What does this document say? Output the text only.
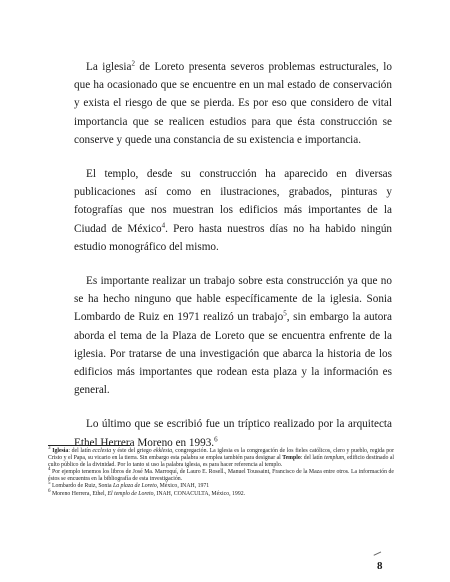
La iglesia$^2$ de Loreto presenta severos problemas estructurales, lo que ha ocasionado que se encuentre en un mal estado de conservación y exista el riesgo de que se pierda. Es por eso que considero de vital importancia que se realicen estudios para que ésta construcción se conserve y quede una constancia de su existencia e importancia.

El templo, desde su construcción ha aparecido en diversas publicaciones así como en ilustraciones, grabados, pinturas y fotografías que nos muestran los edificios más importantes de la Ciudad de México$^4$. Pero hasta nuestros días no ha habido ningún estudio monográfico del mismo.

Es importante realizar un trabajo sobre esta construcción ya que no se ha hecho ninguno que hable específicamente de la iglesia. Sonia Lombardo de Ruiz en 1971 realizó un trabajo$^5$, sin embargo la autora aborda el tema de la Plaza de Loreto que se encuentra enfrente de la iglesia. Por tratarse de una investigación que abarca la historia de los edificios más importantes que rodean esta plaza y la información es general.

Lo último que se escribió fue un tríptico realizado por la arquitecta Ethel Herrera Moreno en 1993.$^6$

$^3$ Iglesia: del latín ecclesia y éste del griego ekklesia, congregación. La iglesia es la congregación de los fieles católicos, clero y pueblo, regida por Cristo y el Papa, su vicario en la tierra. Sin embargo esta palabra se emplea también para designar al Templo: del latín templum, edificio destinado al culto público de la divinidad. Por lo tanto si uso la palabra iglesia, es para hacer referencia al templo.

$^4$ Por ejemplo tenemos los libros de José Ma. Marroquí, de Lauro E. Rosell., Manuel Toussaint, Francisco de la Maza entre otros. La información de éstos se encuentra en la bibliografía de esta investigación.

$^5$ Lombardo de Ruiz, Sonia La plaza de Loreto, México, INAH, 1971

$^6$ Moreno Herrera, Ethel, El templo de Loreto, INAH, CONACULTA, México, 1992.

8
